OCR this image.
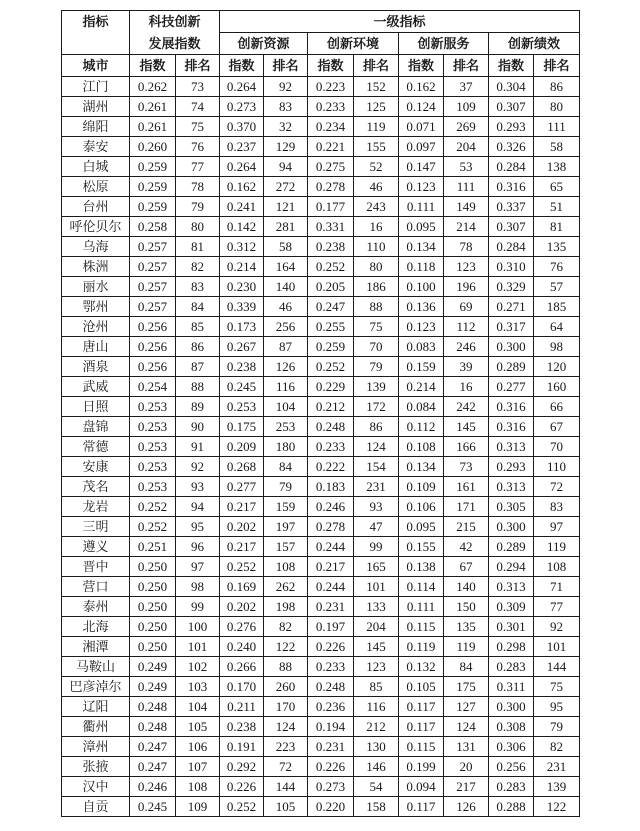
指标	科技创新
发展指数
一级指标
创新资源	创新环境	创新服务	创新绩效
城市	指数	排名	指数	排名	指数	排名	指数	排名	指数	排名
江门	0.262	73	0.264	92	0.223	152	0.162	37	0.304	86
湖州	0.261	74	0.273	83	0.233	125	0.124	109	0.307	80
绵阳	0.261	75	0.370	32	0.234	119	0.071	269	0.293	111
泰安	0.260	76	0.237	129	0.221	155	0.097	204	0.326	58
白城	0.259	77	0.264	94	0.275	52	0.147	53	0.284	138
松原	0.259	78	0.162	272	0.278	46	0.123	111	0.316	65
台州	0.259	79	0.241	121	0.177	243	0.111	149	0.337	51
呼伦贝尔	0.258	80	0.142	281	0.331	16	0.095	214	0.307	81
乌海	0.257	81	0.312	58	0.238	110	0.134	78	0.284	135
株洲	0.257	82	0.214	164	0.252	80	0.118	123	0.310	76
丽水	0.257	83	0.230	140	0.205	186	0.100	196	0.329	57
鄂州	0.257	84	0.339	46	0.247	88	0.136	69	0.271	185
沧州	0.256	85	0.173	256	0.255	75	0.123	112	0.317	64
唐山	0.256	86	0.267	87	0.259	70	0.083	246	0.300	98
酒泉	0.256	87	0.238	126	0.252	79	0.159	39	0.289	120
武威	0.254	88	0.245	116	0.229	139	0.214	16	0.277	160
日照	0.253	89	0.253	104	0.212	172	0.084	242	0.316	66
盘锦	0.253	90	0.175	253	0.248	86	0.112	145	0.316	67
常德	0.253	91	0.209	180	0.233	124	0.108	166	0.313	70
安康	0.253	92	0.268	84	0.222	154	0.134	73	0.293	110
茂名	0.253	93	0.277	79	0.183	231	0.109	161	0.313	72
龙岩	0.252	94	0.217	159	0.246	93	0.106	171	0.305	83
三明	0.252	95	0.202	197	0.278	47	0.095	215	0.300	97
遵义	0.251	96	0.217	157	0.244	99	0.155	42	0.289	119
晋中	0.250	97	0.252	108	0.217	165	0.138	67	0.294	108
营口	0.250	98	0.169	262	0.244	101	0.114	140	0.313	71
泰州	0.250	99	0.202	198	0.231	133	0.111	150	0.309	77
北海	0.250	100	0.276	82	0.197	204	0.115	135	0.301	92
湘潭	0.250	101	0.240	122	0.226	145	0.119	119	0.298	101
马鞍山	0.249	102	0.266	88	0.233	123	0.132	84	0.283	144
巴彦淖尔	0.249	103	0.170	260	0.248	85	0.105	175	0.311	75
辽阳	0.248	104	0.211	170	0.236	116	0.117	127	0.300	95
衢州	0.248	105	0.238	124	0.194	212	0.117	124	0.308	79
漳州	0.247	106	0.191	223	0.231	130	0.115	131	0.306	82
张掖	0.247	107	0.292	72	0.226	146	0.199	20	0.256	231
汉中	0.246	108	0.226	144	0.273	54	0.094	217	0.283	139
自贡	0.245	109	0.252	105	0.220	158	0.117	126	0.288	122
